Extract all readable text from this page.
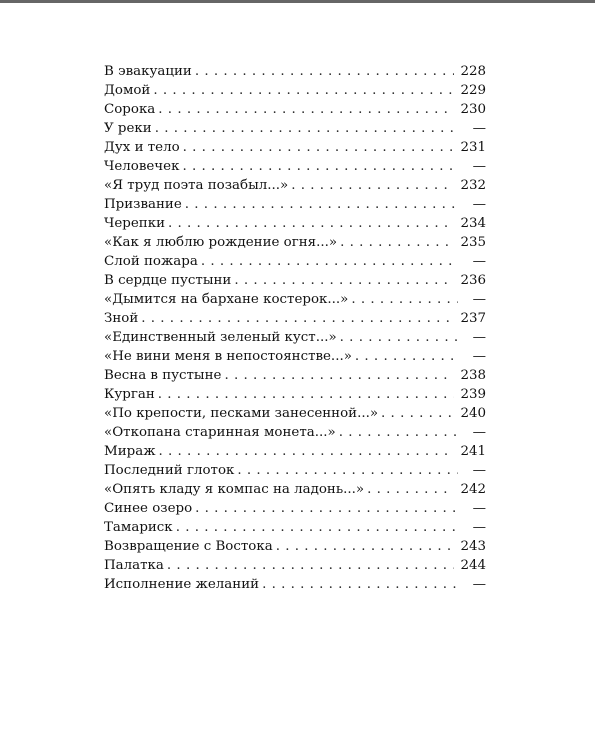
В эвакуации . . .	228
Домой . . .	229
Сорока . . .	230
У реки . . .	—
Дух и тело . . .	231
Человечек . . .	—
«Я труд поэта позабыл...» . . .	232
Призвание . . .	—
Черепки . . .	234
«Как я люблю рождение огня...» . . .	235
Слой пожара . . .	—
В сердце пустыни . . .	236
«Дымится на бархане костерок...» . . .	—
Зной . . .	237
«Единственный зеленый куст...» . . .	—
«Не вини меня в непостоянстве...» . . .	—
Весна в пустыне . . .	238
Курган . . .	239
«По крепости, песками занесенной...» . . .	240
«Откопана старинная монета...» . . .	—
Мираж . . .	241
Последний глоток . . .	—
«Опять кладу я компас на ладонь...» . . .	242
Синее озеро . . .	—
Тамариск . . .	—
Возвращение с Востока . . .	243
Палатка . . .	244
Исполнение желаний . . .	—
